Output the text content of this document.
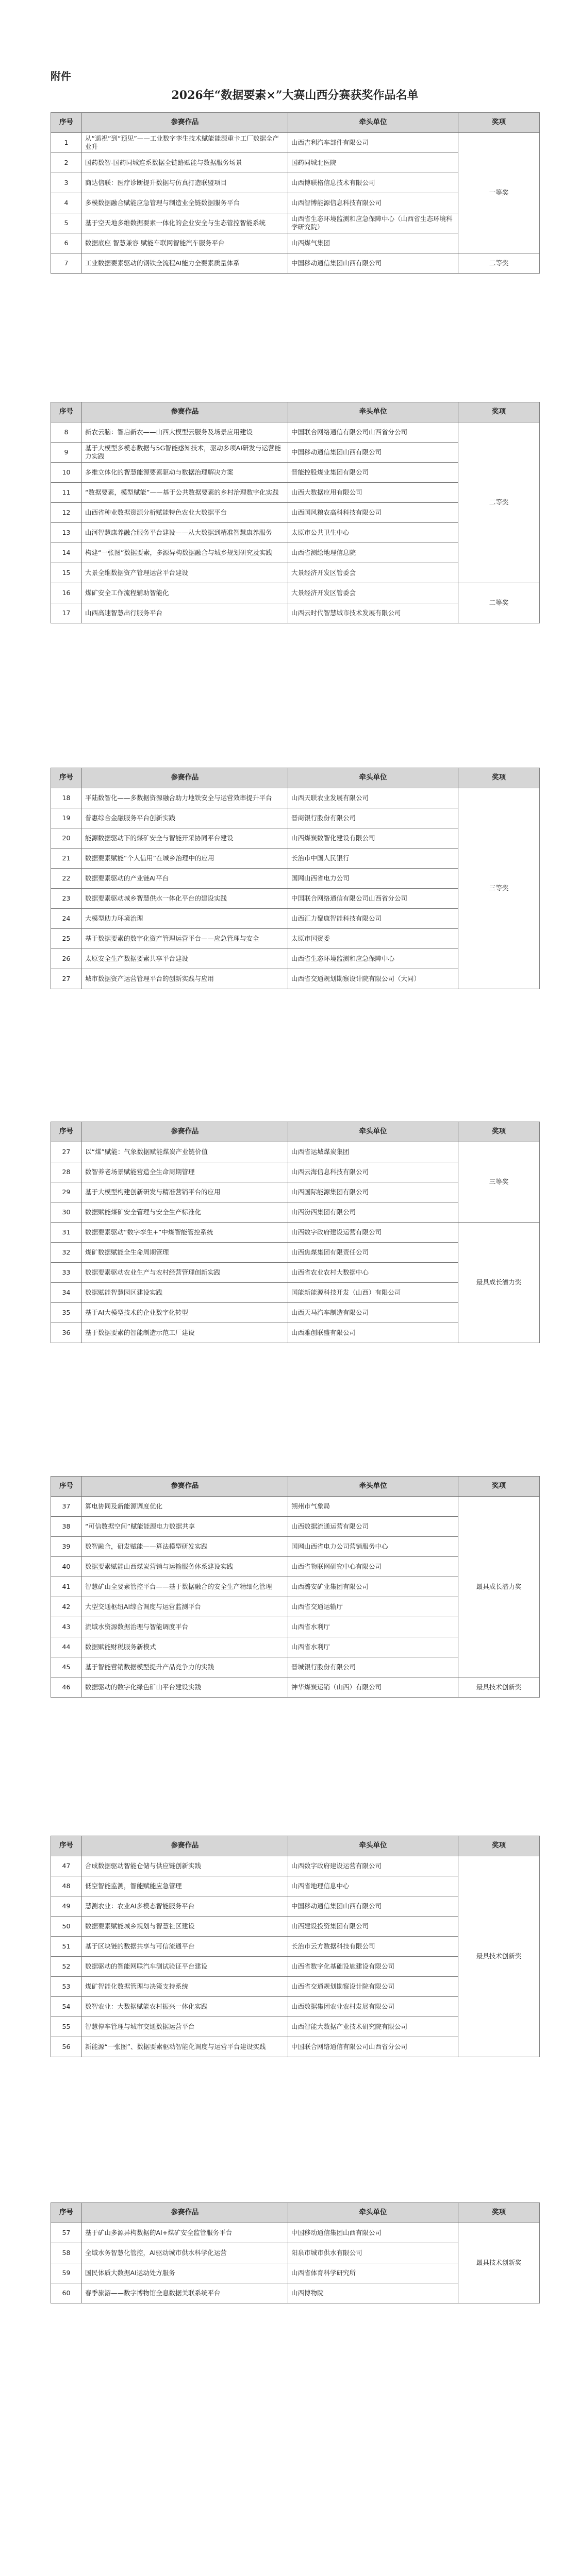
附件
2026年“数据要素×”大赛山西分赛获奖作品名单
序号	参赛作品	牵头单位	奖项
1	从“遥祝”到“预见”——工业数字孪生技术赋能能源重卡工厂数据全产业升	山西吉利汽车部件有限公司	一等奖
2	国药数智-国药同城连系数据全链路赋能与数据服务场景	国药同城北医院	
3	商达信联：医疗诊断提升数据与仿真打造联盟项目	山西博联格信息技术有限公司	
4	多模数据融合赋能应急管理与制造业全链数据服务平台	山西智博能源信息科技有限公司	
5	基于空天地多维数据要素一体化的企业安全与生态管控智能系统	山西省生态环境监测和应急保障中心（山西省生态环境科学研究院）	
6	数据底座 智慧兼容 赋能车联网智能汽车服务平台	山西煤气集团	
7	工业数据要素驱动的钢铁全流程AI能力全要素质量体系	中国移动通信集团山西有限公司	二等奖
序号	参赛作品	牵头单位	奖项
8	新农云脑：智启新农——山西大模型云服务及场景应用建设	中国联合网络通信有限公司山西省分公司	二等奖
9	基于大模型多模态数据与5G智能感知技术，驱动多项AI研发与运营能力实践	中国移动通信集团山西有限公司	
10	多维立体化的智慧能源要素驱动与数据治理解决方案	晋能控股煤业集团有限公司	
11	“数据要素，模型赋能”——基于公共数据要素的乡村治理数字化实践	山西大数据应用有限公司	
12	山西省种业数据资源分析赋能特色农业大数据平台	山西国风粮农高科科技有限公司	
13	山河智慧康养融合服务平台建设——从大数据到精准智慧康养服务	太原市公共卫生中心	
14	构建“一张图”数据要素，多源异构数据融合与城乡规划研究及实践	山西省测绘地理信息院	
15	大景全维数据资产管理运营平台建设	大景经济开发区管委会	
16	煤矿安全工作流程辅助智能化	大景经济开发区管委会	二等奖
17	山西高速智慧出行服务平台	山西云时代智慧城市技术发展有限公司	
序号	参赛作品	牵头单位	奖项
18	平陆数智化——多数据资源融合助力地铁安全与运营效率提升平台	山西天联农业发展有限公司	三等奖
19	普惠综合金融服务平台创新实践	晋商银行股份有限公司	
20	能源数据驱动下的煤矿安全与智能开采协同平台建设	山西煤炭数智化建设有限公司	
21	数据要素赋能“个人信用”在城乡治理中的应用	长治市中国人民银行	
22	数据要素驱动的产业链AI平台	国网山西省电力公司	
23	数据要素驱动城乡智慧供水一体化平台的建设实践	中国联合网络通信有限公司山西省分公司	
24	大模型助力环境治理	山西汇力聚康智能科技有限公司	
25	基于数据要素的数字化资产管理运营平台——应急管理与安全	太原市国资委	
26	太原安全生产数据要素共享平台建设	山西省生态环境监测和应急保障中心	
27	城市数据资产运营管理平台的创新实践与应用	山西省交通规划勘察设计院有限公司（大同）	
序号	参赛作品	牵头单位	奖项
27	以“煤”赋能：气象数据赋能煤炭产业链价值	山西省运城煤炭集团	三等奖
28	数智养老场景赋能营造全生命周期管理	山西云海信息科技有限公司	
29	基于大模型构建创新研发与精准营销平台的应用	山西国际能源集团有限公司	
30	数据赋能煤矿安全管理与安全生产标准化	山西汾西集团有限公司	
31	数据要素驱动“数字孪生+”中煤智能管控系统	山西数字政府建设运营有限公司	最具成长潜力奖
32	煤矿数据赋能全生命周期管理	山西焦煤集团有限责任公司	
33	数据要素驱动农业生产与农村经营管理创新实践	山西省农业农村大数据中心	
34	数据赋能智慧园区建设实践	国能新能源科技开发（山西）有限公司	
35	基于AI大模型技术的企业数字化转型	山西天马汽车制造有限公司	
36	基于数据要素的智能制造示范工厂建设	山西雅创联盛有限公司	
序号	参赛作品	牵头单位	奖项
37	算电协同及新能源调度优化	朔州市气象局	最具成长潜力奖
38	“可信数据空间”赋能能源电力数据共享	山西数据流通运营有限公司	
39	数智融合，研发赋能——算法模型研发实践	国网山西省电力公司营销服务中心	
40	数据要素赋能山西煤炭营销与运输服务体系建设实践	山西省物联网研究中心有限公司	
41	智慧矿山全要素管控平台——基于数据融合的安全生产精细化管理	山西潞安矿业集团有限公司	
42	大型交通枢纽AI综合调度与运营监测平台	山西省交通运输厅	
43	流域水资源数据治理与智能调度平台	山西省水利厅	
44	数据赋能财税服务新模式	山西省水利厅	
45	基于智能营销数据模型提升产品竞争力的实践	晋城银行股份有限公司	
46	数据驱动的数字化绿色矿山平台建设实践	神华煤炭运销（山西）有限公司	最具技术创新奖
序号	参赛作品	牵头单位	奖项
47	合成数据驱动智能仓储与供应链创新实践	山西数字政府建设运营有限公司	最具技术创新奖
48	低空智能监测，智能赋能应急管理	山西省地理信息中心	
49	慧测农业：农业AI多模态智能服务平台	中国移动通信集团山西有限公司	
50	数据要素赋能城乡规划与智慧社区建设	山西建设投资集团有限公司	
51	基于区块链的数据共享与可信流通平台	长治市云方数据科技有限公司	
52	数据驱动的智能网联汽车测试验证平台建设	山西省数字化基础设施建设有限公司	
53	煤矿智能化数据管理与决策支持系统	山西省交通规划勘察设计院有限公司	
54	数智农业：大数据赋能农村振兴一体化实践	山西数据集团农业农村发展有限公司	
55	智慧停车管理与城市交通数据运营平台	山西智能大数据产业技术研究院有限公司	
56	新能源“一张图”、数据要素驱动智能化调度与运营平台建设实践	中国联合网络通信有限公司山西省分公司	
序号	参赛作品	牵头单位	奖项
57	基于矿山多源异构数据的AI+煤矿安全监管服务平台	中国移动通信集团山西有限公司	最具技术创新奖
58	全域水务智慧化管控，AI驱动城市供水科学化运营	阳泉市城市供水有限公司	
59	国民体质大数据AI运动处方服务	山西省体育科学研究所	
60	春季旅游——数字博物馆全息数据关联系统平台	山西博物院	
